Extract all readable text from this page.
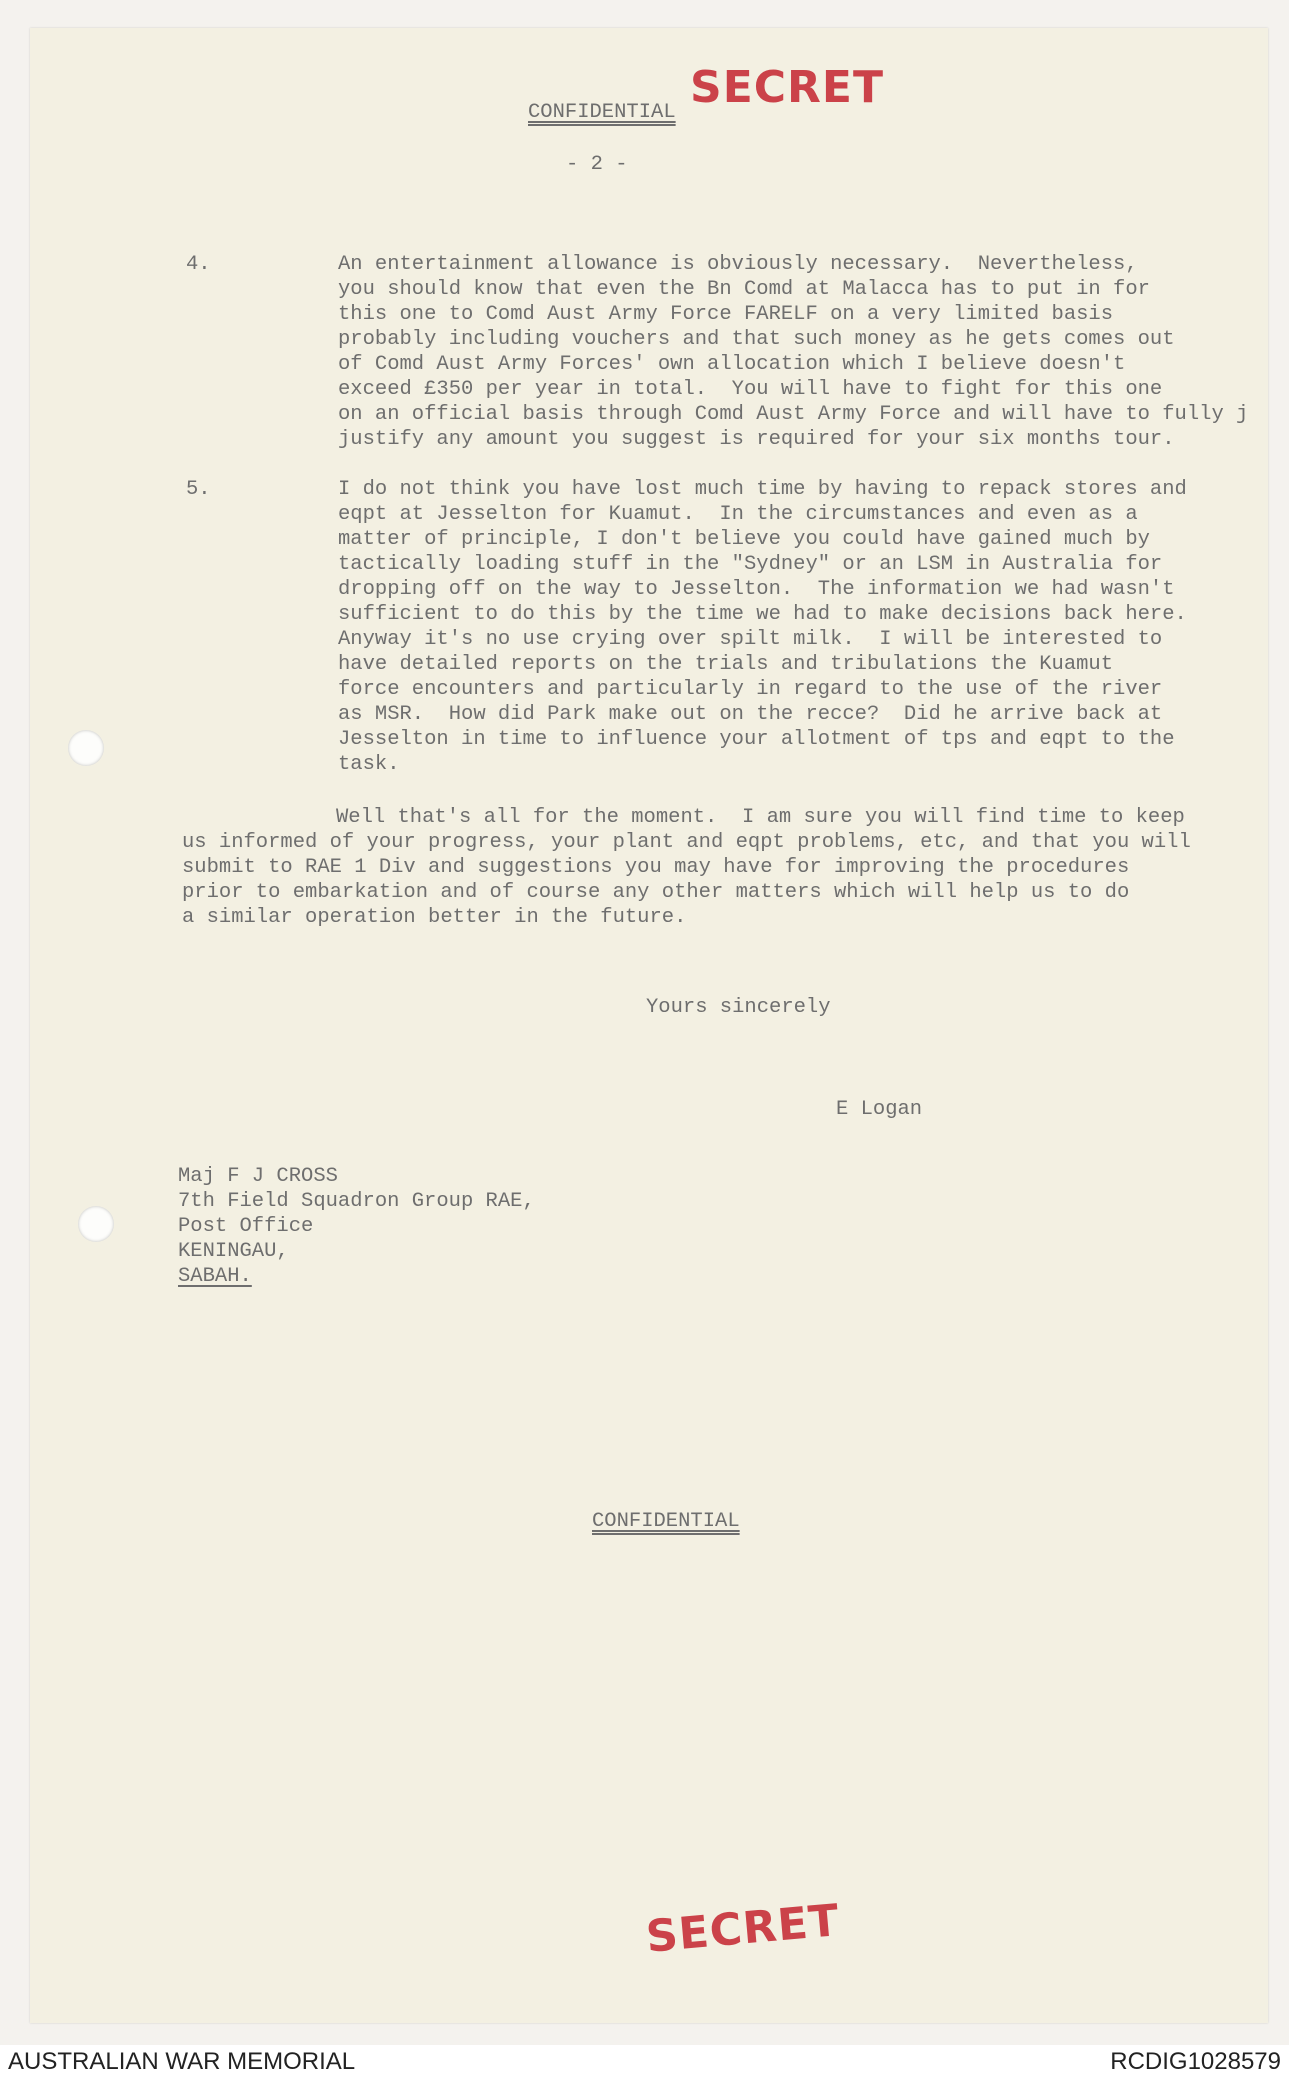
CONFIDENTIAL SECRET
- 2 -
4.	An entertainment allowance is obviously necessary.  Nevertheless,
you should know that even the Bn Comd at Malacca has to put in for
this one to Comd Aust Army Force FARELF on a very limited basis
probably including vouchers and that such money as he gets comes out
of Comd Aust Army Forces' own allocation which I believe doesn't
exceed £350 per year in total.  You will have to fight for this one
on an official basis through Comd Aust Army Force and will have to fully j
justify any amount you suggest is required for your six months tour.
5.	I do not think you have lost much time by having to repack stores and
eqpt at Jesselton for Kuamut.  In the circumstances and even as a
matter of principle, I don't believe you could have gained much by
tactically loading stuff in the "Sydney" or an LSM in Australia for
dropping off on the way to Jesselton.  The information we had wasn't
sufficient to do this by the time we had to make decisions back here.
Anyway it's no use crying over spilt milk.  I will be interested to
have detailed reports on the trials and tribulations the Kuamut
force encounters and particularly in regard to the use of the river
as MSR.  How did Park make out on the recce?  Did he arrive back at
Jesselton in time to influence your allotment of tps and eqpt to the
task.
Well that's all for the moment.  I am sure you will find time to keep
us informed of your progress, your plant and eqpt problems, etc, and that you will
submit to RAE 1 Div and suggestions you may have for improving the procedures
prior to embarkation and of course any other matters which will help us to do
a similar operation better in the future.
Yours sincerely
E Logan
Maj F J CROSS
7th Field Squadron Group RAE,
Post Office
KENINGAU,
SABAH.
CONFIDENTIAL
SECRET
AUSTRALIAN WAR MEMORIAL	RCDIG1028579
